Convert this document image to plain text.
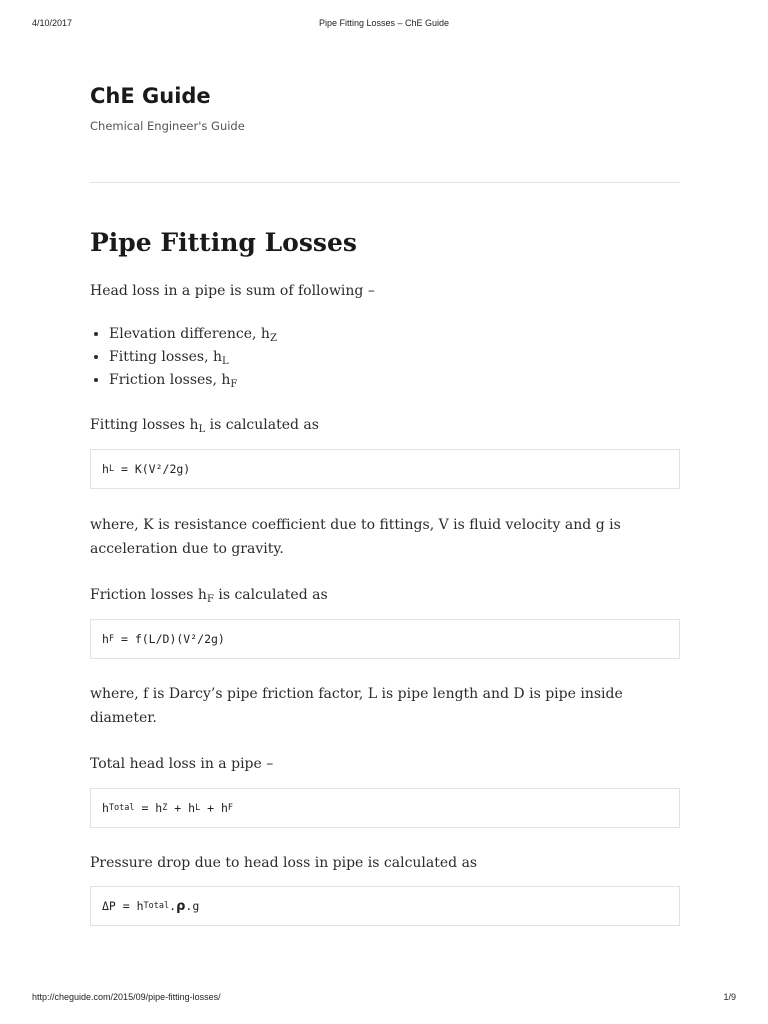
4/10/2017	Pipe Fitting Losses – ChE Guide
ChE Guide
Chemical Engineer's Guide
Pipe Fitting Losses

Head loss in a pipe is sum of following –

• Elevation difference, $h_Z$
• Fitting losses, $h_L$
• Friction losses, $h_F$

Fitting losses $h_L$ is calculated as

h L = K(V²/2g)

where, K is resistance coefficient due to fittings, V is fluid velocity and g is acceleration due to gravity.

Friction losses $h_F$ is calculated as

h F = f(L/D)(V²/2g)

where, f is Darcy’s pipe friction factor, L is pipe length and D is pipe inside diameter.

Total head loss in a pipe –

h Total = h Z + h L + h F

Pressure drop due to head loss in pipe is calculated as

ΔP = h Total . ρ .g
http://cheguide.com/2015/09/pipe-fitting-losses/	1/9
